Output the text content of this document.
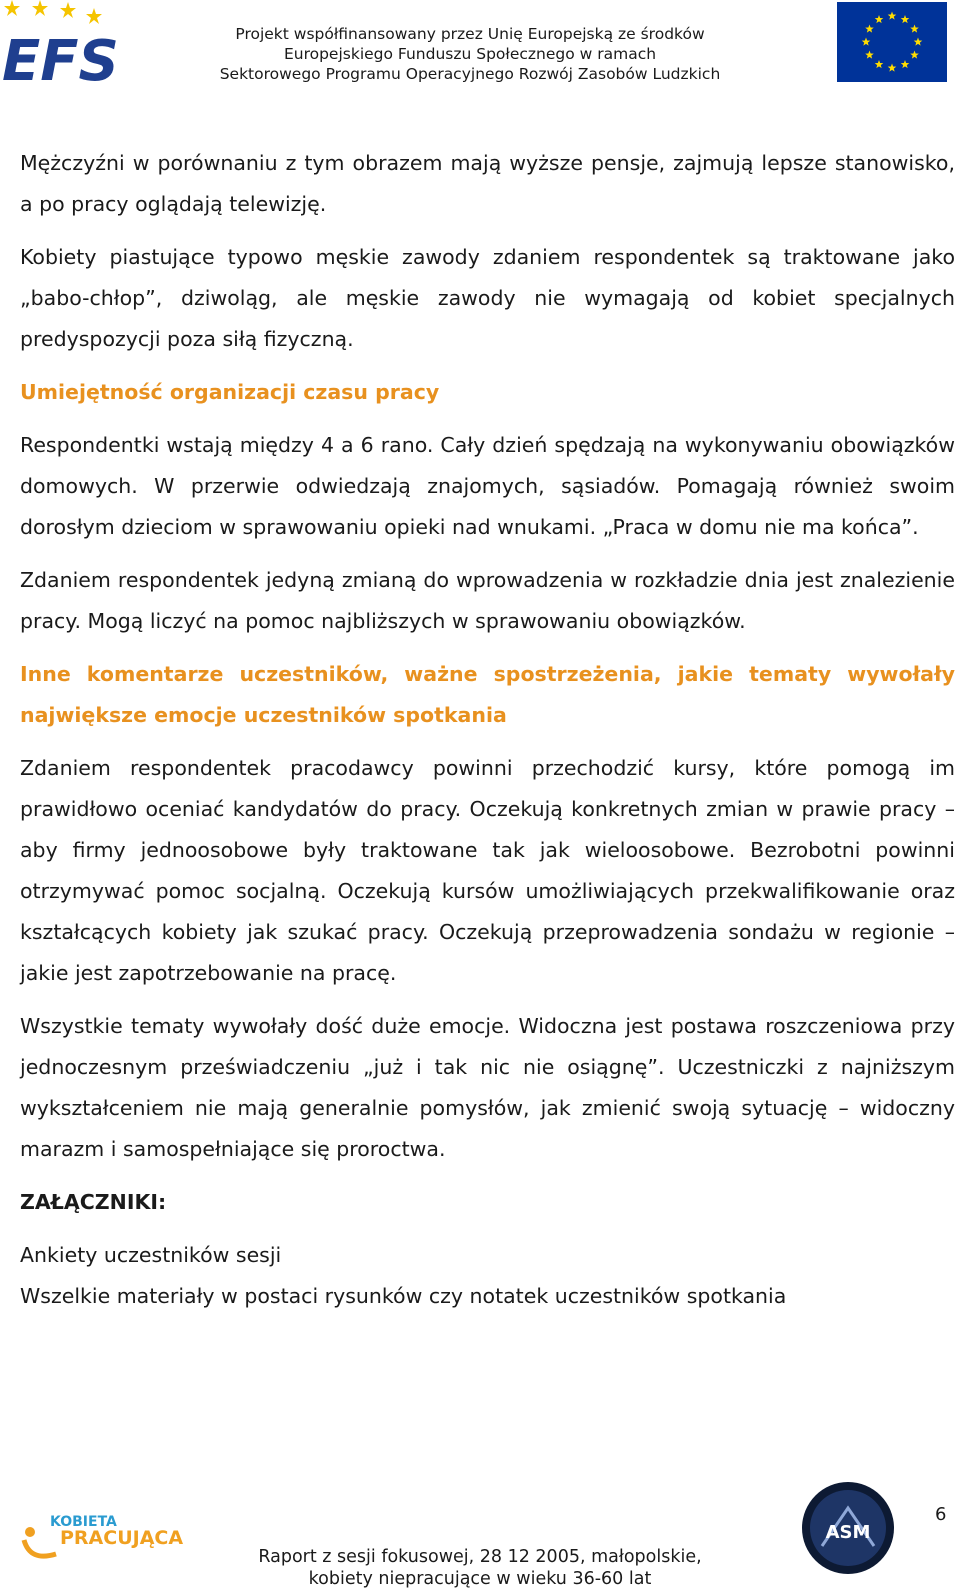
EFS	Projekt współfinansowany przez Unię Europejską ze środków
Europejskiego Funduszu Społecznego w ramach
Sektorowego Programu Operacyjnego Rozwój Zasobów Ludzkich

Mężczyźni w porównaniu z tym obrazem mają wyższe pensje, zajmują lepsze stanowisko, a po pracy oglądają telewizję.

Kobiety piastujące typowo męskie zawody zdaniem respondentek są traktowane jako „babo-chłop”, dziwoląg, ale męskie zawody nie wymagają od kobiet specjalnych predyspozycji poza siłą fizyczną.

Umiejętność organizacji czasu pracy

Respondentki wstają między 4 a 6 rano. Cały dzień spędzają na wykonywaniu obowiązków domowych. W przerwie odwiedzają znajomych, sąsiadów. Pomagają również swoim dorosłym dzieciom w sprawowaniu opieki nad wnukami. „Praca w domu nie ma końca”.

Zdaniem respondentek jedyną zmianą do wprowadzenia w rozkładzie dnia jest znalezienie pracy. Mogą liczyć na pomoc najbliższych w sprawowaniu obowiązków.

Inne komentarze uczestników, ważne spostrzeżenia, jakie tematy wywołały największe emocje uczestników spotkania

Zdaniem respondentek pracodawcy powinni przechodzić kursy, które pomogą im prawidłowo oceniać kandydatów do pracy. Oczekują konkretnych zmian w prawie pracy – aby firmy jednoosobowe były traktowane tak jak wieloosobowe. Bezrobotni powinni otrzymywać pomoc socjalną. Oczekują kursów umożliwiających przekwalifikowanie oraz kształcących kobiety jak szukać pracy. Oczekują przeprowadzenia sondażu w regionie – jakie jest zapotrzebowanie na pracę.

Wszystkie tematy wywołały dość duże emocje. Widoczna jest postawa roszczeniowa przy jednoczesnym przeświadczeniu „już i tak nic nie osiągnę”. Uczestniczki z najniższym wykształceniem nie mają generalnie pomysłów, jak zmienić swoją sytuację – widoczny marazm i samospełniające się proroctwa.

ZAŁĄCZNIKI:
Ankiety uczestników sesji
Wszelkie materiały w postaci rysunków czy notatek uczestników spotkania
KOBIETA
PRACUJĄCA
Raport z sesji fokusowej, 28 12 2005, małopolskie,
kobiety niepracujące w wieku 36-60 lat
ASM
6
